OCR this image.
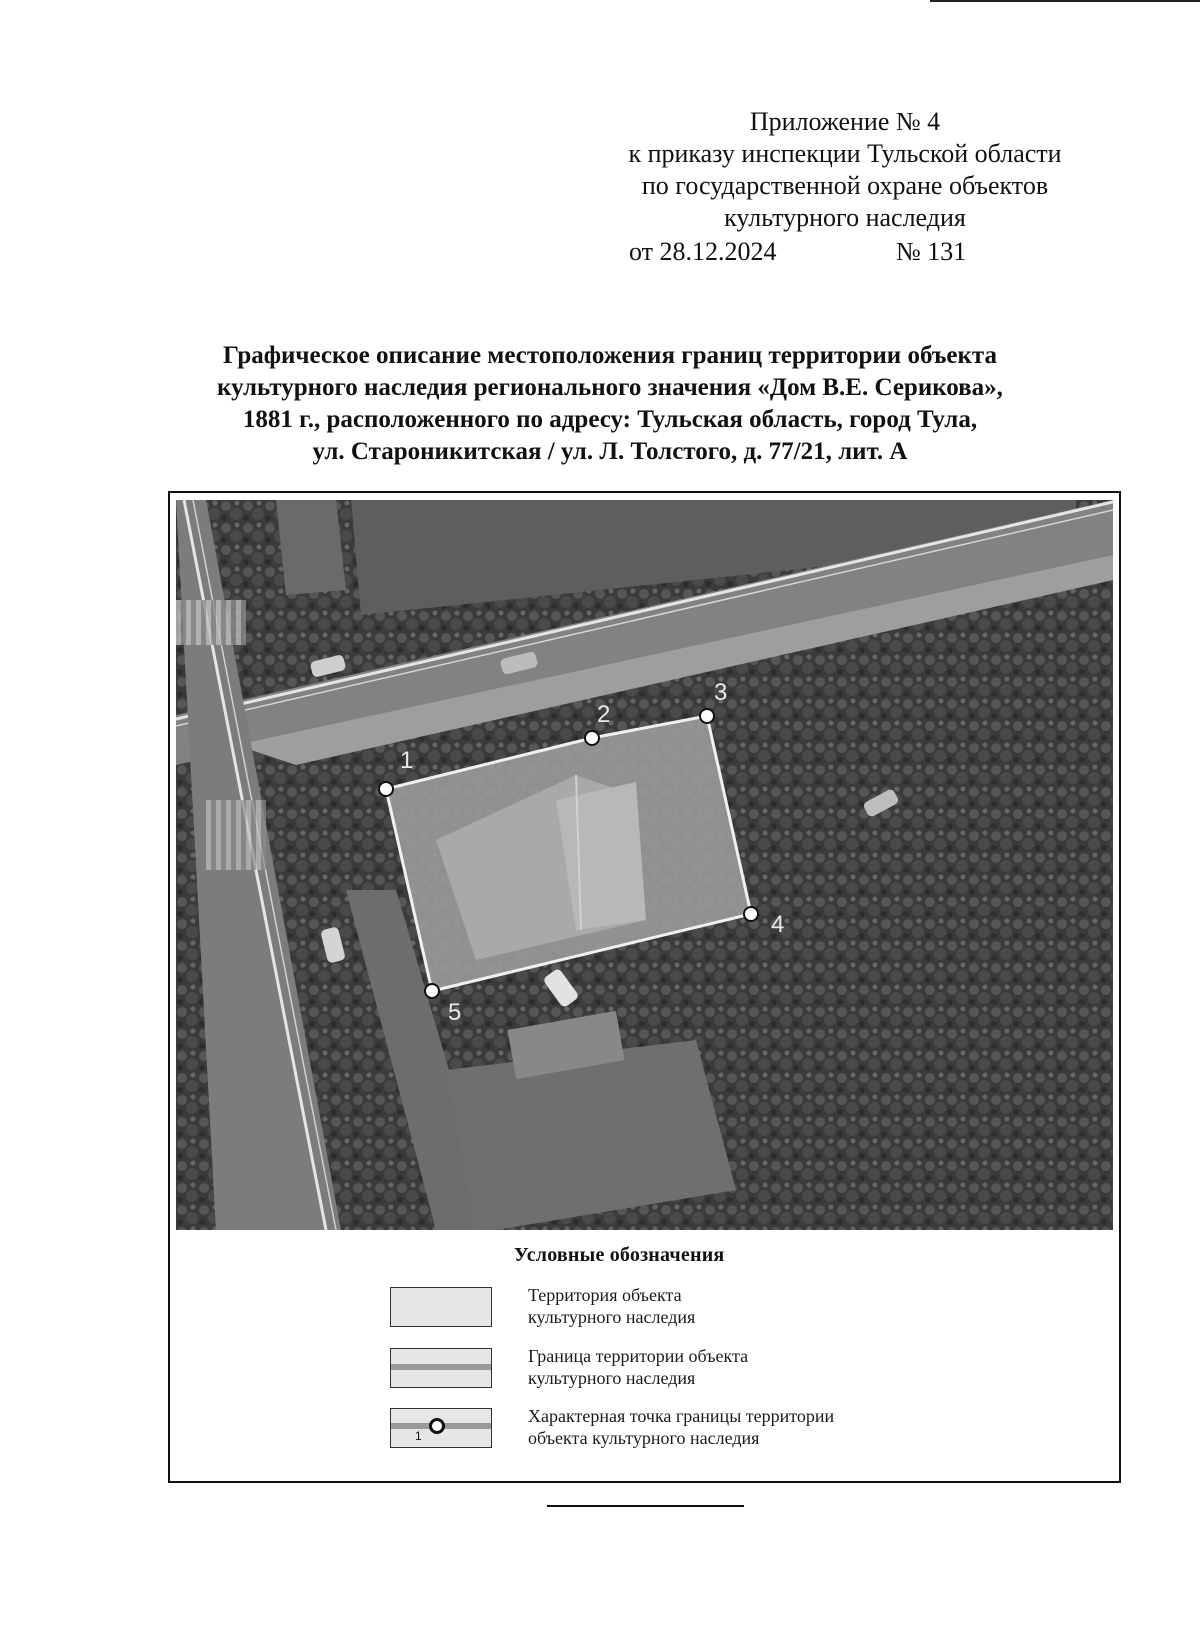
Приложение № 4
к приказу инспекции Тульской области
по государственной охране объектов
культурного наследия
от 28.12.2024	№ 131
Графическое описание местоположения границ территории объекта
культурного наследия регионального значения «Дом В.Е. Серикова»,
1881 г., расположенного по адресу: Тульская область, город Тула,
ул. Староникитская / ул. Л. Толстого, д. 77/21, лит. А
1
2
3
4
5
Условные обозначения
Территория объекта
культурного наследия
Граница территории объекта
культурного наследия
1
Характерная точка границы территории
объекта культурного наследия
